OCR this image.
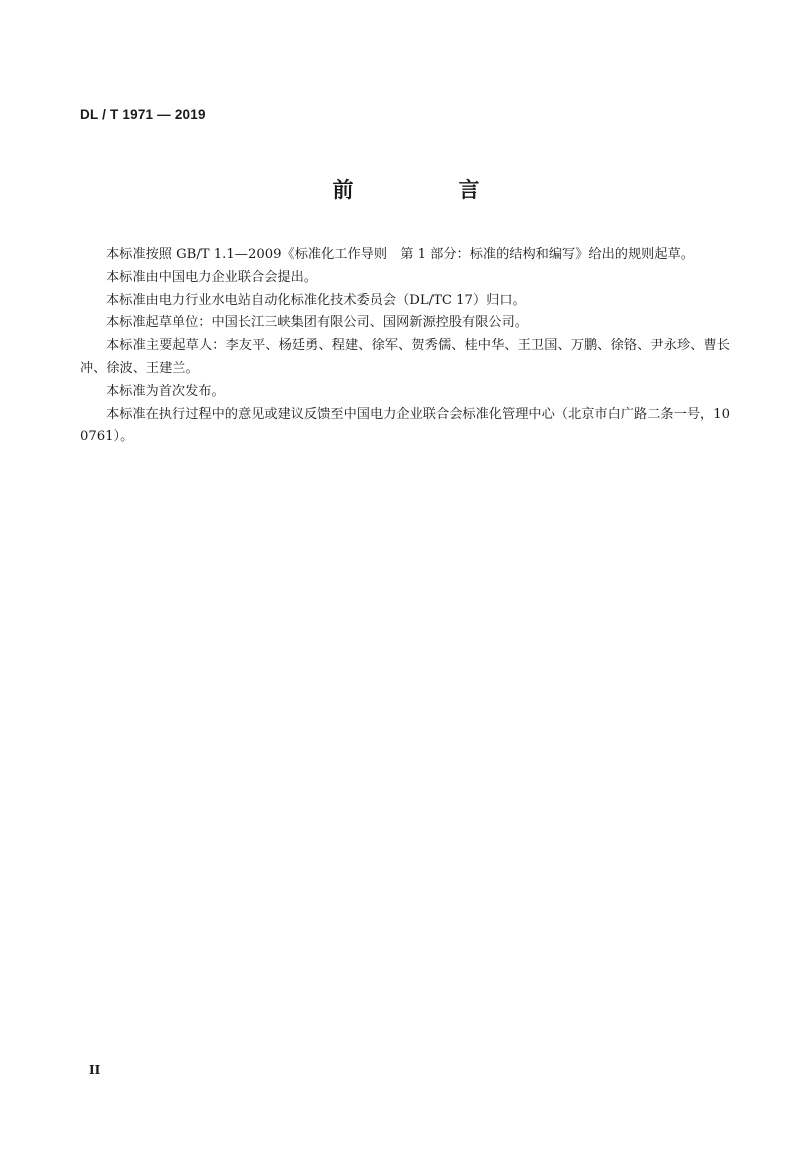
DL / T 1971 — 2019
前　言

本标准按照 GB/T 1.1—2009《标准化工作导则　第 1 部分：标准的结构和编写》给出的规则起草。

本标准由中国电力企业联合会提出。

本标准由电力行业水电站自动化标准化技术委员会（DL/TC 17）归口。

本标准起草单位：中国长江三峡集团有限公司、国网新源控股有限公司。

本标准主要起草人：李友平、杨廷勇、程建、徐军、贺秀儒、桂中华、王卫国、万鹏、徐铬、尹永珍、曹长冲、徐波、王建兰。

本标准为首次发布。

本标准在执行过程中的意见或建议反馈至中国电力企业联合会标准化管理中心（北京市白广路二条一号，100761）。

II
